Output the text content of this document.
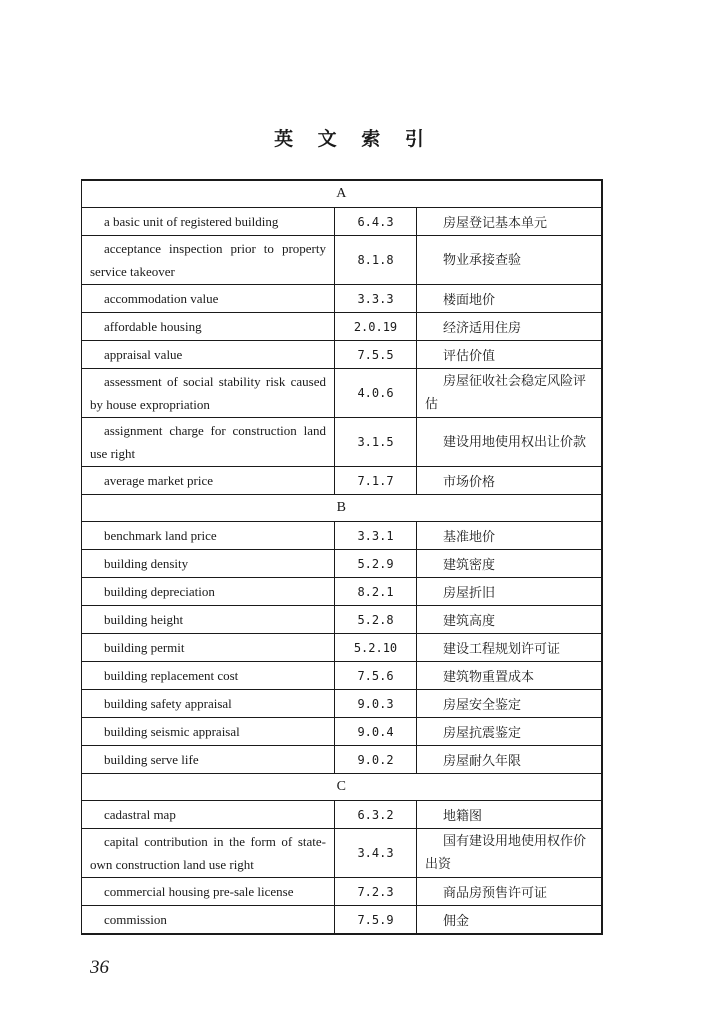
英 文 索 引
A		
a basic unit of registered building	6.4.3	房屋登记基本单元
acceptance inspection prior to property service takeover	8.1.8	物业承接查验
accommodation value	3.3.3	楼面地价
affordable housing	2.0.19	经济适用住房
appraisal value	7.5.5	评估价值
assessment of social stability risk caused by house expropriation	4.0.6	房屋征收社会稳定风险评估
assignment charge for construction land use right	3.1.5	建设用地使用权出让价款
average market price	7.1.7	市场价格
B		
benchmark land price	3.3.1	基准地价
building density	5.2.9	建筑密度
building depreciation	8.2.1	房屋折旧
building height	5.2.8	建筑高度
building permit	5.2.10	建设工程规划许可证
building replacement cost	7.5.6	建筑物重置成本
building safety appraisal	9.0.3	房屋安全鉴定
building seismic appraisal	9.0.4	房屋抗震鉴定
building serve life	9.0.2	房屋耐久年限
C		
cadastral map	6.3.2	地籍图
capital contribution in the form of state-own construction land use right	3.4.3	国有建设用地使用权作价出资
commercial housing pre-sale license	7.2.3	商品房预售许可证
commission	7.5.9	佣金
36
